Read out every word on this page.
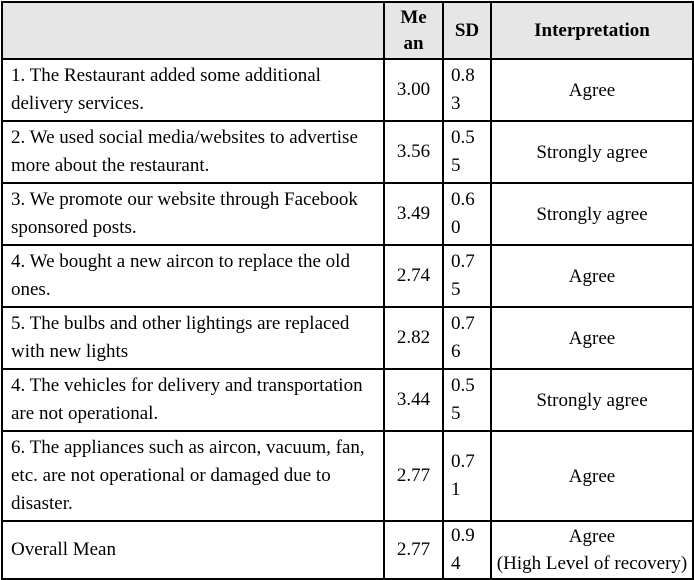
	Mean	SD	Interpretation
1. The Restaurant added some additional delivery services.	3.00	0.83	Agree
2. We used social media/websites to advertise more about the restaurant.	3.56	0.55	Strongly agree
3. We promote our website through Facebook sponsored posts.	3.49	0.60	Strongly agree
4. We bought a new aircon to replace the old ones.	2.74	0.75	Agree
5. The bulbs and other lightings are replaced with new lights	2.82	0.76	Agree
4. The vehicles for delivery and transportation are not operational.	3.44	0.55	Strongly agree
6. The appliances such as aircon, vacuum, fan, etc. are not operational or damaged due to disaster.	2.77	0.71	Agree
Overall Mean	2.77	0.94	Agree
(High Level of recovery)
